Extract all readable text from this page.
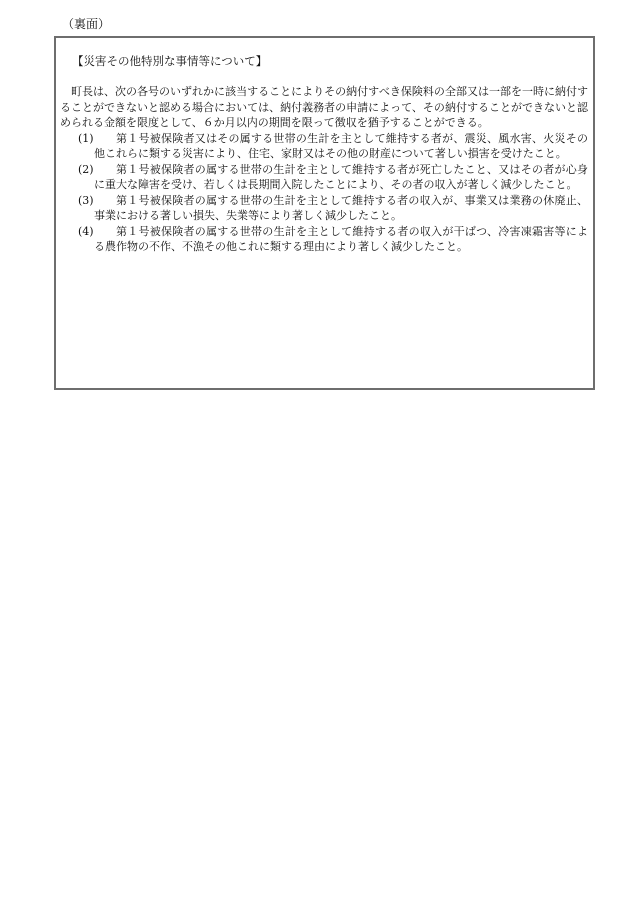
（裏面）
【災害その他特別な事情等について】

町長は、次の各号のいずれかに該当することによりその納付すべき保険料の全部又は一部を一時に納付することができないと認める場合においては、納付義務者の申請によって、その納付することができないと認められる金額を限度として、６か月以内の期間を限って徴収を猶予することができる。

(1)	第１号被保険者又はその属する世帯の生計を主として維持する者が、震災、風水害、火災その他これらに類する災害により、住宅、家財又はその他の財産について著しい損害を受けたこと。
(2)	第１号被保険者の属する世帯の生計を主として維持する者が死亡したこと、又はその者が心身に重大な障害を受け、若しくは長期間入院したことにより、その者の収入が著しく減少したこと。
(3)	第１号被保険者の属する世帯の生計を主として維持する者の収入が、事業又は業務の休廃止、事業における著しい損失、失業等により著しく減少したこと。
(4)	第１号被保険者の属する世帯の生計を主として維持する者の収入が干ばつ、冷害凍霜害等による農作物の不作、不漁その他これに類する理由により著しく減少したこと。
